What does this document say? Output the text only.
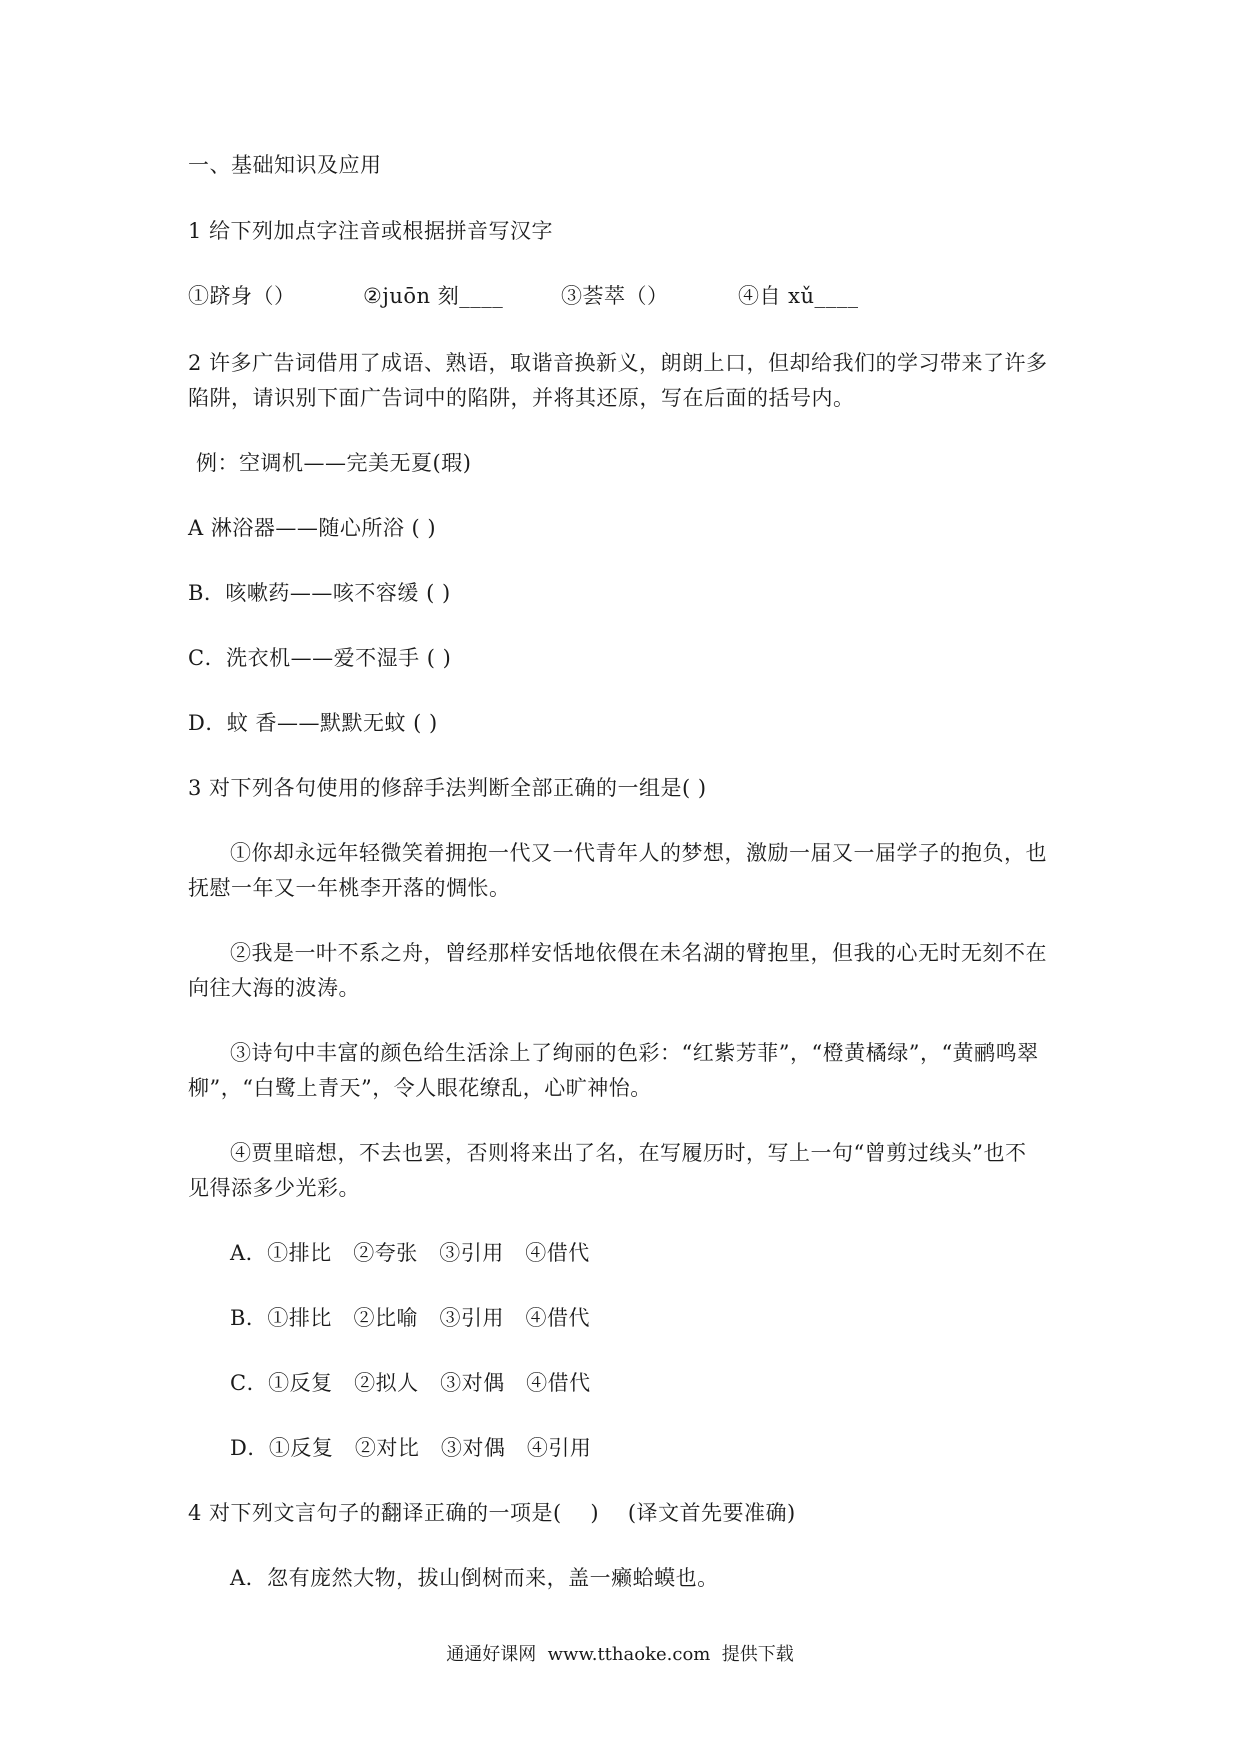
一、基础知识及应用
1 给下列加点字注音或根据拼音写汉字
①跻身（）	②juōn 刻____	③荟萃（）	④自 xǔ____
2 许多广告词借用了成语、熟语，取谐音换新义，朗朗上口，但却给我们的学习带来了许多
陷阱，请识别下面广告词中的陷阱，并将其还原，写在后面的括号内。
例：空调机——完美无夏(瑕)
A 淋浴器——随心所浴 ( )
B．咳嗽药——咳不容缓 ( )
C．洗衣机——爱不湿手 ( )
D．蚊 香——默默无蚊 ( )
3 对下列各句使用的修辞手法判断全部正确的一组是( )
①你却永远年轻微笑着拥抱一代又一代青年人的梦想，激励一届又一届学子的抱负，也
抚慰一年又一年桃李开落的惆怅。
②我是一叶不系之舟，曾经那样安恬地依偎在未名湖的臂抱里，但我的心无时无刻不在
向往大海的波涛。
③诗句中丰富的颜色给生活涂上了绚丽的色彩：“红紫芳菲”，“橙黄橘绿”，“黄鹂鸣翠
柳”，“白鹭上青天”，令人眼花缭乱，心旷神怡。
④贾里暗想，不去也罢，否则将来出了名，在写履历时，写上一句“曾剪过线头”也不
见得添多少光彩。
A．①排比   ②夸张   ③引用   ④借代
B．①排比   ②比喻   ③引用   ④借代
C．①反复   ②拟人   ③对偶   ④借代
D．①反复   ②对比   ③对偶   ④引用
4 对下列文言句子的翻译正确的一项是(    )    (译文首先要准确)
A．忽有庞然大物，拔山倒树而来，盖一癞蛤蟆也。
通通好课网  www.tthaoke.com  提供下载
